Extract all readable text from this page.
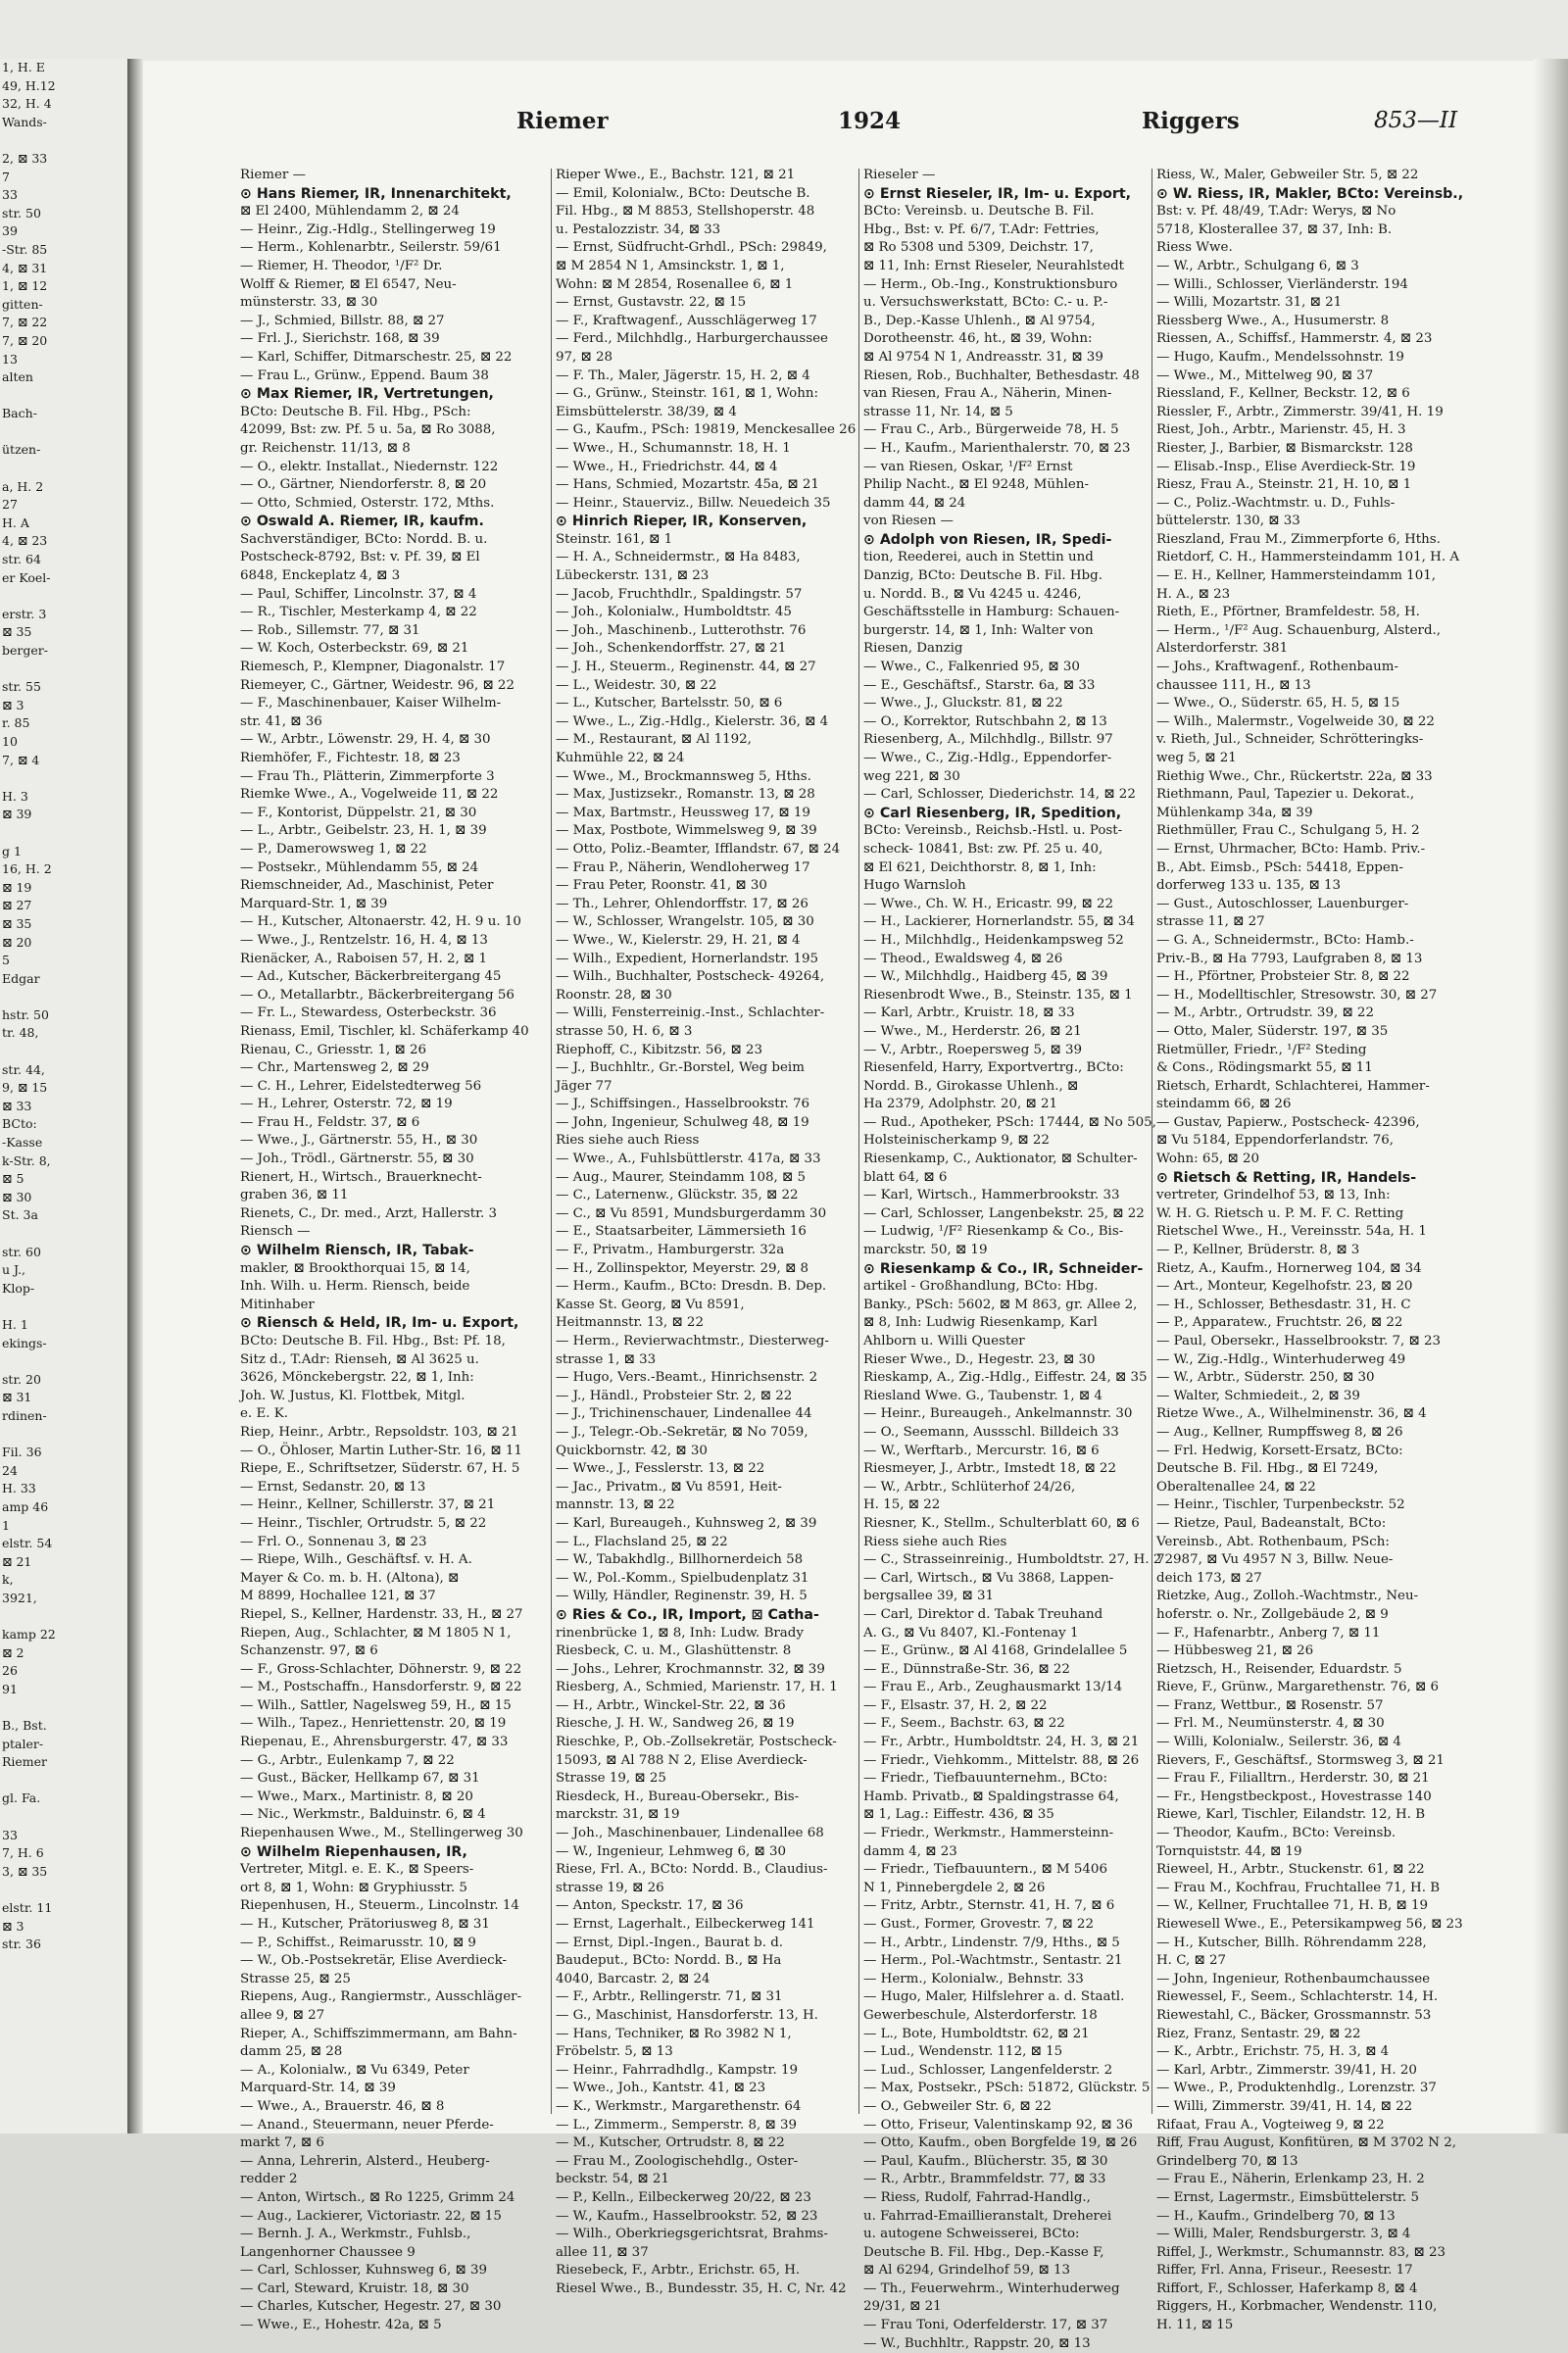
1, H. E
49, H.12
32, H. 4
Wands-

2, ⊠ 33
7
33
str. 50
39
-Str. 85
4, ⊠ 31
1, ⊠ 12
gitten-
7, ⊠ 22
7, ⊠ 20
13
alten

Bach-

ützen-

a, H. 2
27
H. A
4, ⊠ 23
str. 64
er Koel-

erstr. 3
⊠ 35
berger-

str. 55
⊠ 3
r. 85
10
7, ⊠ 4

H. 3
⊠ 39

g 1
16, H. 2
⊠ 19
⊠ 27
⊠ 35
⊠ 20
5
Edgar

hstr. 50
tr. 48,

str. 44,
9, ⊠ 15
⊠ 33
BCto:
-Kasse
k-Str. 8,
⊠ 5
⊠ 30
St. 3a

str. 60
u J.,
Klop-

H. 1
ekings-

str. 20
⊠ 31
rdinen-

Fil. 36
24
H. 33
amp 46
1
elstr. 54
⊠ 21
k,
3921,

kamp 22
⊠ 2
26
91

B., Bst.
ptaler-
Riemer

gl. Fa.

33
7, H. 6
3, ⊠ 35

elstr. 11
⊠ 3
str. 36
Riemer	1924	Riggers	853—II
Riemer —
⊙ Hans Riemer, IR, Innenarchitekt,
⊠ El 2400, Mühlendamm 2, ⊠ 24
— Heinr., Zig.-Hdlg., Stellingerweg 19
— Herm., Kohlenarbtr., Seilerstr. 59/61
— Riemer, H. Theodor, ¹/F² Dr.
Wolff & Riemer, ⊠ El 6547, Neu-
münsterstr. 33, ⊠ 30
— J., Schmied, Billstr. 88, ⊠ 27
— Frl. J., Sierichstr. 168, ⊠ 39
— Karl, Schiffer, Ditmarschestr. 25, ⊠ 22
— Frau L., Grünw., Eppend. Baum 38
⊙ Max Riemer, IR, Vertretungen,
BCto: Deutsche B. Fil. Hbg., PSch:
42099, Bst: zw. Pf. 5 u. 5a, ⊠ Ro 3088,
gr. Reichenstr. 11/13, ⊠ 8
— O., elektr. Installat., Niedernstr. 122
— O., Gärtner, Niendorferstr. 8, ⊠ 20
— Otto, Schmied, Osterstr. 172, Mths.
⊙ Oswald A. Riemer, IR, kaufm.
Sachverständiger, BCto: Nordd. B. u.
Postscheck-8792, Bst: v. Pf. 39, ⊠ El
6848, Enckeplatz 4, ⊠ 3
— Paul, Schiffer, Lincolnstr. 37, ⊠ 4
— R., Tischler, Mesterkamp 4, ⊠ 22
— Rob., Sillemstr. 77, ⊠ 31
— W. Koch, Osterbeckstr. 69, ⊠ 21
Riemesch, P., Klempner, Diagonalstr. 17
Riemeyer, C., Gärtner, Weidestr. 96, ⊠ 22
— F., Maschinenbauer, Kaiser Wilhelm-
str. 41, ⊠ 36
— W., Arbtr., Löwenstr. 29, H. 4, ⊠ 30
Riemhöfer, F., Fichtestr. 18, ⊠ 23
— Frau Th., Plätterin, Zimmerpforte 3
Riemke Wwe., A., Vogelweide 11, ⊠ 22
— F., Kontorist, Düppelstr. 21, ⊠ 30
— L., Arbtr., Geibelstr. 23, H. 1, ⊠ 39
— P., Damerowsweg 1, ⊠ 22
— Postsekr., Mühlendamm 55, ⊠ 24
Riemschneider, Ad., Maschinist, Peter
Marquard-Str. 1, ⊠ 39
— H., Kutscher, Altonaerstr. 42, H. 9 u. 10
— Wwe., J., Rentzelstr. 16, H. 4, ⊠ 13
Rienäcker, A., Raboisen 57, H. 2, ⊠ 1
— Ad., Kutscher, Bäckerbreitergang 45
— O., Metallarbtr., Bäckerbreitergang 56
— Fr. L., Stewardess, Osterbeckstr. 36
Rienass, Emil, Tischler, kl. Schäferkamp 40
Rienau, C., Griesstr. 1, ⊠ 26
— Chr., Martensweg 2, ⊠ 29
— C. H., Lehrer, Eidelstedterweg 56
— H., Lehrer, Osterstr. 72, ⊠ 19
— Frau H., Feldstr. 37, ⊠ 6
— Wwe., J., Gärtnerstr. 55, H., ⊠ 30
— Joh., Trödl., Gärtnerstr. 55, ⊠ 30
Rienert, H., Wirtsch., Brauerknecht-
graben 36, ⊠ 11
Rienets, C., Dr. med., Arzt, Hallerstr. 3
Riensch —
⊙ Wilhelm Riensch, IR, Tabak-
makler, ⊠ Brookthorquai 15, ⊠ 14,
Inh. Wilh. u. Herm. Riensch, beide
Mitinhaber
⊙ Riensch & Held, IR, Im- u. Export,
BCto: Deutsche B. Fil. Hbg., Bst: Pf. 18,
Sitz d., T.Adr: Rienseh, ⊠ Al 3625 u.
3626, Mönckebergstr. 22, ⊠ 1, Inh:
Joh. W. Justus, Kl. Flottbek, Mitgl.
e. E. K.
Riep, Heinr., Arbtr., Repsoldstr. 103, ⊠ 21
— O., Öhloser, Martin Luther-Str. 16, ⊠ 11
Riepe, E., Schriftsetzer, Süderstr. 67, H. 5
— Ernst, Sedanstr. 20, ⊠ 13
— Heinr., Kellner, Schillerstr. 37, ⊠ 21
— Heinr., Tischler, Ortrudstr. 5, ⊠ 22
— Frl. O., Sonnenau 3, ⊠ 23
— Riepe, Wilh., Geschäftsf. v. H. A.
Mayer & Co. m. b. H. (Altona), ⊠
M 8899, Hochallee 121, ⊠ 37
Riepel, S., Kellner, Hardenstr. 33, H., ⊠ 27
Riepen, Aug., Schlachter, ⊠ M 1805 N 1,
Schanzenstr. 97, ⊠ 6
— F., Gross-Schlachter, Döhnerstr. 9, ⊠ 22
— M., Postschaffn., Hansdorferstr. 9, ⊠ 22
— Wilh., Sattler, Nagelsweg 59, H., ⊠ 15
— Wilh., Tapez., Henriettenstr. 20, ⊠ 19
Riepenau, E., Ahrensburgerstr. 47, ⊠ 33
— G., Arbtr., Eulenkamp 7, ⊠ 22
— Gust., Bäcker, Hellkamp 67, ⊠ 31
— Wwe., Marx., Martinistr. 8, ⊠ 20
— Nic., Werkmstr., Balduinstr. 6, ⊠ 4
Riepenhausen Wwe., M., Stellingerweg 30
⊙ Wilhelm Riepenhausen, IR,
Vertreter, Mitgl. e. E. K., ⊠ Speers-
ort 8, ⊠ 1, Wohn: ⊠ Gryphiusstr. 5
Riepenhusen, H., Steuerm., Lincolnstr. 14
— H., Kutscher, Prätoriusweg 8, ⊠ 31
— P., Schiffst., Reimarusstr. 10, ⊠ 9
— W., Ob.-Postsekretär, Elise Averdieck-
Strasse 25, ⊠ 25
Riepens, Aug., Rangiermstr., Ausschläger-
allee 9, ⊠ 27
Rieper, A., Schiffszimmermann, am Bahn-
damm 25, ⊠ 28
— A., Kolonialw., ⊠ Vu 6349, Peter
Marquard-Str. 14, ⊠ 39
— Wwe., A., Brauerstr. 46, ⊠ 8
— Anand., Steuermann, neuer Pferde-
markt 7, ⊠ 6
— Anna, Lehrerin, Alsterd., Heuberg-
redder 2
— Anton, Wirtsch., ⊠ Ro 1225, Grimm 24
— Aug., Lackierer, Victoriastr. 22, ⊠ 15
— Bernh. J. A., Werkmstr., Fuhlsb.,
Langenhorner Chaussee 9
— Carl, Schlosser, Kuhnsweg 6, ⊠ 39
— Carl, Steward, Kruistr. 18, ⊠ 30
— Charles, Kutscher, Hegestr. 27, ⊠ 30
— Wwe., E., Hohestr. 42a, ⊠ 5
Rieper Wwe., E., Bachstr. 121, ⊠ 21
— Emil, Kolonialw., BCto: Deutsche B.
Fil. Hbg., ⊠ M 8853, Stellshoperstr. 48
u. Pestalozzistr. 34, ⊠ 33
— Ernst, Südfrucht-Grhdl., PSch: 29849,
⊠ M 2854 N 1, Amsinckstr. 1, ⊠ 1,
Wohn: ⊠ M 2854, Rosenallee 6, ⊠ 1
— Ernst, Gustavstr. 22, ⊠ 15
— F., Kraftwagenf., Ausschlägerweg 17
— Ferd., Milchhdlg., Harburgerchaussee
97, ⊠ 28
— F. Th., Maler, Jägerstr. 15, H. 2, ⊠ 4
— G., Grünw., Steinstr. 161, ⊠ 1, Wohn:
Eimsbüttelerstr. 38/39, ⊠ 4
— G., Kaufm., PSch: 19819, Menckesallee 26
— Wwe., H., Schumannstr. 18, H. 1
— Wwe., H., Friedrichstr. 44, ⊠ 4
— Hans, Schmied, Mozartstr. 45a, ⊠ 21
— Heinr., Stauerviz., Billw. Neuedeich 35
⊙ Hinrich Rieper, IR, Konserven,
Steinstr. 161, ⊠ 1
— H. A., Schneidermstr., ⊠ Ha 8483,
Lübeckerstr. 131, ⊠ 23
— Jacob, Fruchthdlr., Spaldingstr. 57
— Joh., Kolonialw., Humboldtstr. 45
— Joh., Maschinenb., Lutterothstr. 76
— Joh., Schenkendorffstr. 27, ⊠ 21
— J. H., Steuerm., Reginenstr. 44, ⊠ 27
— L., Weidestr. 30, ⊠ 22
— L., Kutscher, Bartelsstr. 50, ⊠ 6
— Wwe., L., Zig.-Hdlg., Kielerstr. 36, ⊠ 4
— M., Restaurant, ⊠ Al 1192,
Kuhmühle 22, ⊠ 24
— Wwe., M., Brockmannsweg 5, Hths.
— Max, Justizsekr., Romanstr. 13, ⊠ 28
— Max, Bartmstr., Heussweg 17, ⊠ 19
— Max, Postbote, Wimmelsweg 9, ⊠ 39
— Otto, Poliz.-Beamter, Ifflandstr. 67, ⊠ 24
— Frau P., Näherin, Wendloherweg 17
— Frau Peter, Roonstr. 41, ⊠ 30
— Th., Lehrer, Ohlendorffstr. 17, ⊠ 26
— W., Schlosser, Wrangelstr. 105, ⊠ 30
— Wwe., W., Kielerstr. 29, H. 21, ⊠ 4
— Wilh., Expedient, Hornerlandstr. 195
— Wilh., Buchhalter, Postscheck- 49264,
Roonstr. 28, ⊠ 30
— Willi, Fensterreinig.-Inst., Schlachter-
strasse 50, H. 6, ⊠ 3
Riephoff, C., Kibitzstr. 56, ⊠ 23
— J., Buchhltr., Gr.-Borstel, Weg beim
Jäger 77
— J., Schiffsingen., Hasselbrookstr. 76
— John, Ingenieur, Schulweg 48, ⊠ 19
Ries siehe auch Riess
— Wwe., A., Fuhlsbüttlerstr. 417a, ⊠ 33
— Aug., Maurer, Steindamm 108, ⊠ 5
— C., Laternenw., Glückstr. 35, ⊠ 22
— C., ⊠ Vu 8591, Mundsburgerdamm 30
— E., Staatsarbeiter, Lämmersieth 16
— F., Privatm., Hamburgerstr. 32a
— H., Zollinspektor, Meyerstr. 29, ⊠ 8
— Herm., Kaufm., BCto: Dresdn. B. Dep.
Kasse St. Georg, ⊠ Vu 8591,
Heitmannstr. 13, ⊠ 22
— Herm., Revierwachtmstr., Diesterweg-
strasse 1, ⊠ 33
— Hugo, Vers.-Beamt., Hinrichsenstr. 2
— J., Händl., Probsteier Str. 2, ⊠ 22
— J., Trichinenschauer, Lindenallee 44
— J., Telegr.-Ob.-Sekretär, ⊠ No 7059,
Quickbornstr. 42, ⊠ 30
— Wwe., J., Fesslerstr. 13, ⊠ 22
— Jac., Privatm., ⊠ Vu 8591, Heit-
mannstr. 13, ⊠ 22
— Karl, Bureaugeh., Kuhnsweg 2, ⊠ 39
— L., Flachsland 25, ⊠ 22
— W., Tabakhdlg., Billhornerdeich 58
— W., Pol.-Komm., Spielbudenplatz 31
— Willy, Händler, Reginenstr. 39, H. 5
⊙ Ries & Co., IR, Import, ⊠ Catha-
rinenbrücke 1, ⊠ 8, Inh: Ludw. Brady
Riesbeck, C. u. M., Glashüttenstr. 8
— Johs., Lehrer, Krochmannstr. 32, ⊠ 39
Riesberg, A., Schmied, Marienstr. 17, H. 1
— H., Arbtr., Winckel-Str. 22, ⊠ 36
Riesche, J. H. W., Sandweg 26, ⊠ 19
Rieschke, P., Ob.-Zollsekretär, Postscheck-
15093, ⊠ Al 788 N 2, Elise Averdieck-
Strasse 19, ⊠ 25
Riesdeck, H., Bureau-Obersekr., Bis-
marckstr. 31, ⊠ 19
— Joh., Maschinenbauer, Lindenallee 68
— W., Ingenieur, Lehmweg 6, ⊠ 30
Riese, Frl. A., BCto: Nordd. B., Claudius-
strasse 19, ⊠ 26
— Anton, Speckstr. 17, ⊠ 36
— Ernst, Lagerhalt., Eilbeckerweg 141
— Ernst, Dipl.-Ingen., Baurat b. d.
Baudeput., BCto: Nordd. B., ⊠ Ha
4040, Barcastr. 2, ⊠ 24
— F., Arbtr., Rellingerstr. 71, ⊠ 31
— G., Maschinist, Hansdorferstr. 13, H.
— Hans, Techniker, ⊠ Ro 3982 N 1,
Fröbelstr. 5, ⊠ 13
— Heinr., Fahrradhdlg., Kampstr. 19
— Wwe., Joh., Kantstr. 41, ⊠ 23
— K., Werkmstr., Margarethenstr. 64
— L., Zimmerm., Semperstr. 8, ⊠ 39
— M., Kutscher, Ortrudstr. 8, ⊠ 22
— Frau M., Zoologischehdlg., Oster-
beckstr. 54, ⊠ 21
— P., Kelln., Eilbeckerweg 20/22, ⊠ 23
— W., Kaufm., Hasselbrookstr. 52, ⊠ 23
— Wilh., Oberkriegsgerichtsrat, Brahms-
allee 11, ⊠ 37
Riesebeck, F., Arbtr., Erichstr. 65, H.
Riesel Wwe., B., Bundesstr. 35, H. C, Nr. 42
Rieseler —
⊙ Ernst Rieseler, IR, Im- u. Export,
BCto: Vereinsb. u. Deutsche B. Fil.
Hbg., Bst: v. Pf. 6/7, T.Adr: Fettries,
⊠ Ro 5308 und 5309, Deichstr. 17,
⊠ 11, Inh: Ernst Rieseler, Neurahlstedt
— Herm., Ob.-Ing., Konstruktionsburo
u. Versuchswerkstatt, BCto: C.- u. P.-
B., Dep.-Kasse Uhlenh., ⊠ Al 9754,
Dorotheenstr. 46, ht., ⊠ 39, Wohn:
⊠ Al 9754 N 1, Andreasstr. 31, ⊠ 39
Riesen, Rob., Buchhalter, Bethesdastr. 48
van Riesen, Frau A., Näherin, Minen-
strasse 11, Nr. 14, ⊠ 5
— Frau C., Arb., Bürgerweide 78, H. 5
— H., Kaufm., Marienthalerstr. 70, ⊠ 23
— van Riesen, Oskar, ¹/F² Ernst
Philip Nacht., ⊠ El 9248, Mühlen-
damm 44, ⊠ 24
von Riesen —
⊙ Adolph von Riesen, IR, Spedi-
tion, Reederei, auch in Stettin und
Danzig, BCto: Deutsche B. Fil. Hbg.
u. Nordd. B., ⊠ Vu 4245 u. 4246,
Geschäftsstelle in Hamburg: Schauen-
burgerstr. 14, ⊠ 1, Inh: Walter von
Riesen, Danzig
— Wwe., C., Falkenried 95, ⊠ 30
— E., Geschäftsf., Starstr. 6a, ⊠ 33
— Wwe., J., Gluckstr. 81, ⊠ 22
— O., Korrektor, Rutschbahn 2, ⊠ 13
Riesenberg, A., Milchhdlg., Billstr. 97
— Wwe., C., Zig.-Hdlg., Eppendorfer-
weg 221, ⊠ 30
— Carl, Schlosser, Diederichstr. 14, ⊠ 22
⊙ Carl Riesenberg, IR, Spedition,
BCto: Vereinsb., Reichsb.-Hstl. u. Post-
scheck- 10841, Bst: zw. Pf. 25 u. 40,
⊠ El 621, Deichthorstr. 8, ⊠ 1, Inh:
Hugo Warnsloh
— Wwe., Ch. W. H., Ericastr. 99, ⊠ 22
— H., Lackierer, Hornerlandstr. 55, ⊠ 34
— H., Milchhdlg., Heidenkampsweg 52
— Theod., Ewaldsweg 4, ⊠ 26
— W., Milchhdlg., Haidberg 45, ⊠ 39
Riesenbrodt Wwe., B., Steinstr. 135, ⊠ 1
— Karl, Arbtr., Kruistr. 18, ⊠ 33
— Wwe., M., Herderstr. 26, ⊠ 21
— V., Arbtr., Roepersweg 5, ⊠ 39
Riesenfeld, Harry, Exportvertrg., BCto:
Nordd. B., Girokasse Uhlenh., ⊠
Ha 2379, Adolphstr. 20, ⊠ 21
— Rud., Apotheker, PSch: 17444, ⊠ No 505,
Holsteinischerkamp 9, ⊠ 22
Riesenkamp, C., Auktionator, ⊠ Schulter-
blatt 64, ⊠ 6
— Karl, Wirtsch., Hammerbrookstr. 33
— Carl, Schlosser, Langenbekstr. 25, ⊠ 22
— Ludwig, ¹/F² Riesenkamp & Co., Bis-
marckstr. 50, ⊠ 19
⊙ Riesenkamp & Co., IR, Schneider-
artikel - Großhandlung, BCto: Hbg.
Banky., PSch: 5602, ⊠ M 863, gr. Allee 2,
⊠ 8, Inh: Ludwig Riesenkamp, Karl
Ahlborn u. Willi Quester
Rieser Wwe., D., Hegestr. 23, ⊠ 30
Rieskamp, A., Zig.-Hdlg., Eiffestr. 24, ⊠ 35
Riesland Wwe. G., Taubenstr. 1, ⊠ 4
— Heinr., Bureaugeh., Ankelmannstr. 30
— O., Seemann, Aussschl. Billdeich 33
— W., Werftarb., Mercurstr. 16, ⊠ 6
Riesmeyer, J., Arbtr., Imstedt 18, ⊠ 22
— W., Arbtr., Schlüterhof 24/26,
H. 15, ⊠ 22
Riesner, K., Stellm., Schulterblatt 60, ⊠ 6
Riess siehe auch Ries
— C., Strasseinreinig., Humboldtstr. 27, H. 2
— Carl, Wirtsch., ⊠ Vu 3868, Lappen-
bergsallee 39, ⊠ 31
— Carl, Direktor d. Tabak Treuhand
A. G., ⊠ Vu 8407, Kl.-Fontenay 1
— E., Grünw., ⊠ Al 4168, Grindelallee 5
— E., Dünnstraße-Str. 36, ⊠ 22
— Frau E., Arb., Zeughausmarkt 13/14
— F., Elsastr. 37, H. 2, ⊠ 22
— F., Seem., Bachstr. 63, ⊠ 22
— Fr., Arbtr., Humboldtstr. 24, H. 3, ⊠ 21
— Friedr., Viehkomm., Mittelstr. 88, ⊠ 26
— Friedr., Tiefbauunternehm., BCto:
Hamb. Privatb., ⊠ Spaldingstrasse 64,
⊠ 1, Lag.: Eiffestr. 436, ⊠ 35
— Friedr., Werkmstr., Hammersteinn-
damm 4, ⊠ 23
— Friedr., Tiefbauuntern., ⊠ M 5406
N 1, Pinnebergdele 2, ⊠ 26
— Fritz, Arbtr., Sternstr. 41, H. 7, ⊠ 6
— Gust., Former, Grovestr. 7, ⊠ 22
— H., Arbtr., Lindenstr. 7/9, Hths., ⊠ 5
— Herm., Pol.-Wachtmstr., Sentastr. 21
— Herm., Kolonialw., Behnstr. 33
— Hugo, Maler, Hilfslehrer a. d. Staatl.
Gewerbeschule, Alsterdorferstr. 18
— L., Bote, Humboldtstr. 62, ⊠ 21
— Lud., Wendenstr. 112, ⊠ 15
— Lud., Schlosser, Langenfelderstr. 2
— Max, Postsekr., PSch: 51872, Glückstr. 5
— O., Gebweiler Str. 6, ⊠ 22
— Otto, Friseur, Valentinskamp 92, ⊠ 36
— Otto, Kaufm., oben Borgfelde 19, ⊠ 26
— Paul, Kaufm., Blücherstr. 35, ⊠ 30
— R., Arbtr., Brammfeldstr. 77, ⊠ 33
— Riess, Rudolf, Fahrrad-Handlg.,
u. Fahrrad-Emaillieranstalt, Dreherei
u. autogene Schweisserei, BCto:
Deutsche B. Fil. Hbg., Dep.-Kasse F,
⊠ Al 6294, Grindelhof 59, ⊠ 13
— Th., Feuerwehrm., Winterhuderweg
29/31, ⊠ 21
— Frau Toni, Oderfelderstr. 17, ⊠ 37
— W., Buchhltr., Rappstr. 20, ⊠ 13
Riess, W., Maler, Gebweiler Str. 5, ⊠ 22
⊙ W. Riess, IR, Makler, BCto: Vereinsb.,
Bst: v. Pf. 48/49, T.Adr: Werys, ⊠ No
5718, Klosterallee 37, ⊠ 37, Inh: B.
Riess Wwe.
— W., Arbtr., Schulgang 6, ⊠ 3
— Willi., Schlosser, Vierländerstr. 194
— Willi, Mozartstr. 31, ⊠ 21
Riessberg Wwe., A., Husumerstr. 8
Riessen, A., Schiffsf., Hammerstr. 4, ⊠ 23
— Hugo, Kaufm., Mendelssohnstr. 19
— Wwe., M., Mittelweg 90, ⊠ 37
Riessland, F., Kellner, Beckstr. 12, ⊠ 6
Riessler, F., Arbtr., Zimmerstr. 39/41, H. 19
Riest, Joh., Arbtr., Marienstr. 45, H. 3
Riester, J., Barbier, ⊠ Bismarckstr. 128
— Elisab.-Insp., Elise Averdieck-Str. 19
Riesz, Frau A., Steinstr. 21, H. 10, ⊠ 1
— C., Poliz.-Wachtmstr. u. D., Fuhls-
büttelerstr. 130, ⊠ 33
Rieszland, Frau M., Zimmerpforte 6, Hths.
Rietdorf, C. H., Hammersteindamm 101, H. A
— E. H., Kellner, Hammersteindamm 101,
H. A., ⊠ 23
Rieth, E., Pförtner, Bramfeldestr. 58, H.
— Herm., ¹/F² Aug. Schauenburg, Alsterd.,
Alsterdorferstr. 381
— Johs., Kraftwagenf., Rothenbaum-
chaussee 111, H., ⊠ 13
— Wwe., O., Süderstr. 65, H. 5, ⊠ 15
— Wilh., Malermstr., Vogelweide 30, ⊠ 22
v. Rieth, Jul., Schneider, Schrötteringks-
weg 5, ⊠ 21
Riethig Wwe., Chr., Rückertstr. 22a, ⊠ 33
Riethmann, Paul, Tapezier u. Dekorat.,
Mühlenkamp 34a, ⊠ 39
Riethmüller, Frau C., Schulgang 5, H. 2
— Ernst, Uhrmacher, BCto: Hamb. Priv.-
B., Abt. Eimsb., PSch: 54418, Eppen-
dorferweg 133 u. 135, ⊠ 13
— Gust., Autoschlosser, Lauenburger-
strasse 11, ⊠ 27
— G. A., Schneidermstr., BCto: Hamb.-
Priv.-B., ⊠ Ha 7793, Laufgraben 8, ⊠ 13
— H., Pförtner, Probsteier Str. 8, ⊠ 22
— H., Modelltischler, Stresowstr. 30, ⊠ 27
— M., Arbtr., Ortrudstr. 39, ⊠ 22
— Otto, Maler, Süderstr. 197, ⊠ 35
Rietmüller, Friedr., ¹/F² Steding
& Cons., Rödingsmarkt 55, ⊠ 11
Rietsch, Erhardt, Schlachterei, Hammer-
steindamm 66, ⊠ 26
— Gustav, Papierw., Postscheck- 42396,
⊠ Vu 5184, Eppendorferlandstr. 76,
Wohn: 65, ⊠ 20
⊙ Rietsch & Retting, IR, Handels-
vertreter, Grindelhof 53, ⊠ 13, Inh:
W. H. G. Rietsch u. P. M. F. C. Retting
Rietschel Wwe., H., Vereinsstr. 54a, H. 1
— P., Kellner, Brüderstr. 8, ⊠ 3
Rietz, A., Kaufm., Hornerweg 104, ⊠ 34
— Art., Monteur, Kegelhofstr. 23, ⊠ 20
— H., Schlosser, Bethesdastr. 31, H. C
— P., Apparatew., Fruchtstr. 26, ⊠ 22
— Paul, Obersekr., Hasselbrookstr. 7, ⊠ 23
— W., Zig.-Hdlg., Winterhuderweg 49
— W., Arbtr., Süderstr. 250, ⊠ 30
— Walter, Schmiedeit., 2, ⊠ 39
Rietze Wwe., A., Wilhelminenstr. 36, ⊠ 4
— Aug., Kellner, Rumpffsweg 8, ⊠ 26
— Frl. Hedwig, Korsett-Ersatz, BCto:
Deutsche B. Fil. Hbg., ⊠ El 7249,
Oberaltenallee 24, ⊠ 22
— Heinr., Tischler, Turpenbeckstr. 52
— Rietze, Paul, Badeanstalt, BCto:
Vereinsb., Abt. Rothenbaum, PSch:
72987, ⊠ Vu 4957 N 3, Billw. Neue-
deich 173, ⊠ 27
Rietzke, Aug., Zolloh.-Wachtmstr., Neu-
hoferstr. o. Nr., Zollgebäude 2, ⊠ 9
— F., Hafenarbtr., Anberg 7, ⊠ 11
— Hübbesweg 21, ⊠ 26
Rietzsch, H., Reisender, Eduardstr. 5
Rieve, F., Grünw., Margarethenstr. 76, ⊠ 6
— Franz, Wettbur., ⊠ Rosenstr. 57
— Frl. M., Neumünsterstr. 4, ⊠ 30
— Willi, Kolonialw., Seilerstr. 36, ⊠ 4
Rievers, F., Geschäftsf., Stormsweg 3, ⊠ 21
— Frau F., Filialltrn., Herderstr. 30, ⊠ 21
— Fr., Hengstbeckpost., Hovestrasse 140
Riewe, Karl, Tischler, Eilandstr. 12, H. B
— Theodor, Kaufm., BCto: Vereinsb.
Tornquiststr. 44, ⊠ 19
Rieweel, H., Arbtr., Stuckenstr. 61, ⊠ 22
— Frau M., Kochfrau, Fruchtallee 71, H. B
— W., Kellner, Fruchtallee 71, H. B, ⊠ 19
Riewesell Wwe., E., Petersikampweg 56, ⊠ 23
— H., Kutscher, Billh. Röhrendamm 228,
H. C, ⊠ 27
— John, Ingenieur, Rothenbaumchaussee
Riewessel, F., Seem., Schlachterstr. 14, H.
Riewestahl, C., Bäcker, Grossmannstr. 53
Riez, Franz, Sentastr. 29, ⊠ 22
— K., Arbtr., Erichstr. 75, H. 3, ⊠ 4
— Karl, Arbtr., Zimmerstr. 39/41, H. 20
— Wwe., P., Produktenhdlg., Lorenzstr. 37
— Willi, Zimmerstr. 39/41, H. 14, ⊠ 22
Rifaat, Frau A., Vogteiweg 9, ⊠ 22
Riff, Frau August, Konfitüren, ⊠ M 3702 N 2,
Grindelberg 70, ⊠ 13
— Frau E., Näherin, Erlenkamp 23, H. 2
— Ernst, Lagermstr., Eimsbüttelerstr. 5
— H., Kaufm., Grindelberg 70, ⊠ 13
— Willi, Maler, Rendsburgerstr. 3, ⊠ 4
Riffel, J., Werkmstr., Schumannstr. 83, ⊠ 23
Riffer, Frl. Anna, Friseur., Reesestr. 17
Riffort, F., Schlosser, Haferkamp 8, ⊠ 4
Riggers, H., Korbmacher, Wendenstr. 110,
H. 11, ⊠ 15
